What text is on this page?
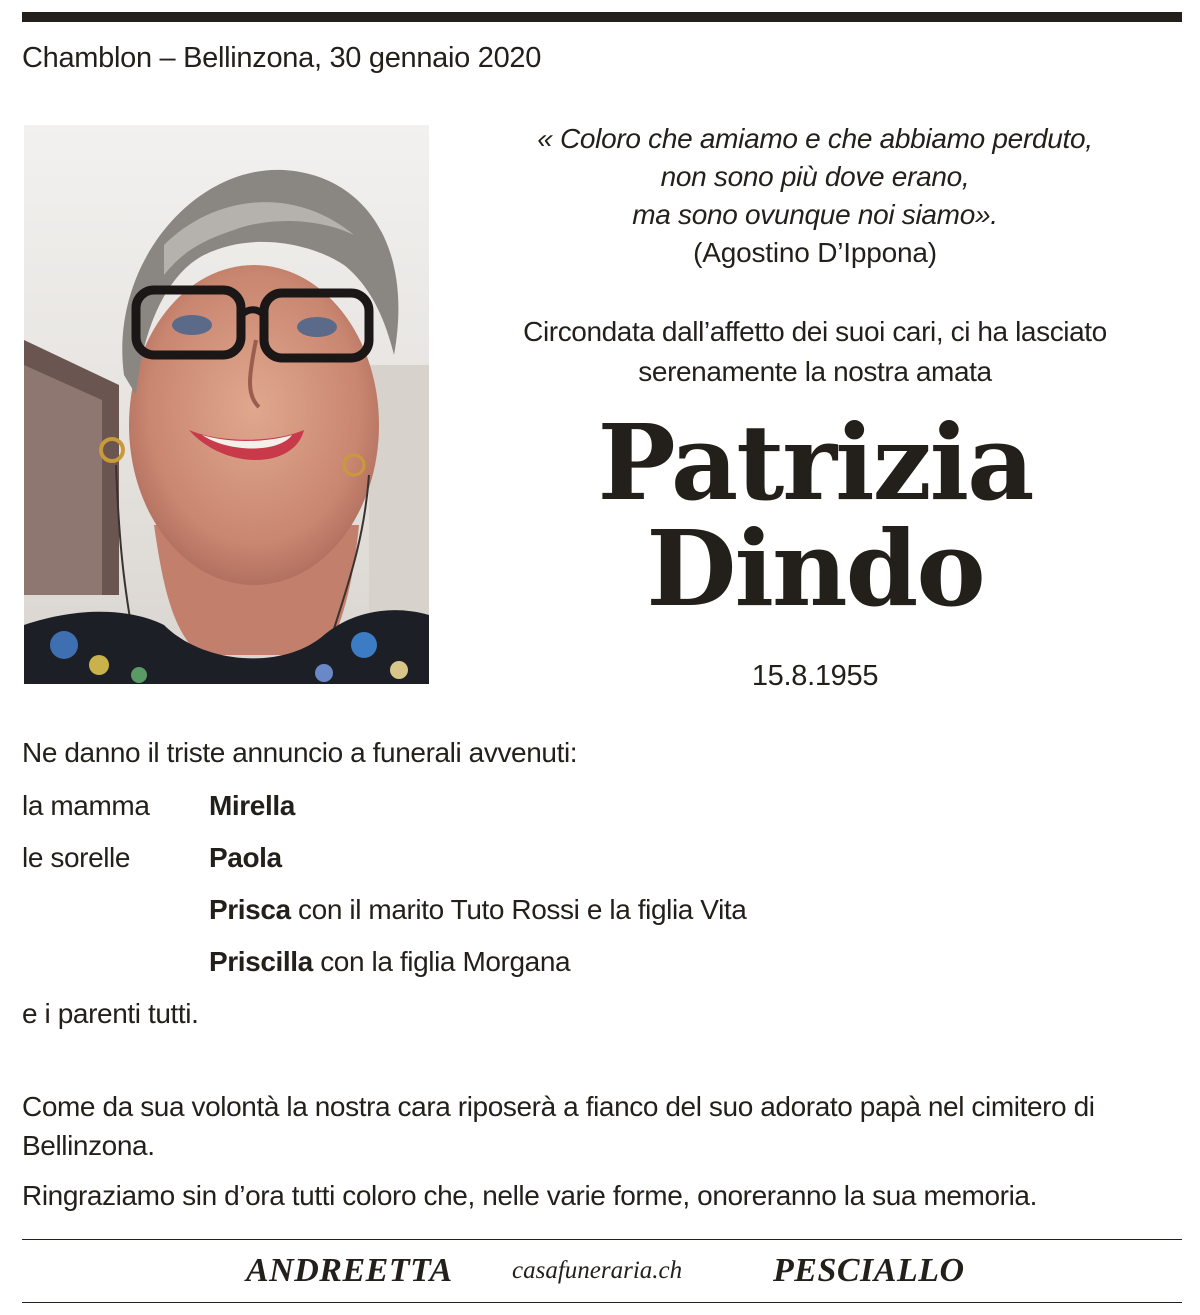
Chamblon – Bellinzona, 30 gennaio 2020
« Coloro che amiamo e che abbiamo perduto,
non sono più dove erano,
ma sono ovunque noi siamo».
(Agostino D’Ippona)
Circondata dall’affetto dei suoi cari, ci ha lasciato
serenamente la nostra amata
Patrizia
Dindo
15.8.1955
Ne danno il triste annuncio a funerali avvenuti:
la mamma Mirella
le sorelle	Paola
Prisca con il marito Tuto Rossi e la figlia Vita
Priscilla con la figlia Morgana
e i parenti tutti.
Come da sua volontà la nostra cara riposerà a fianco del suo adorato papà nel cimitero di Bellinzona.
Ringraziamo sin d’ora tutti coloro che, nelle varie forme, onoreranno la sua memoria.
ANDREETTA casafuneraria.ch	PESCIALLO
